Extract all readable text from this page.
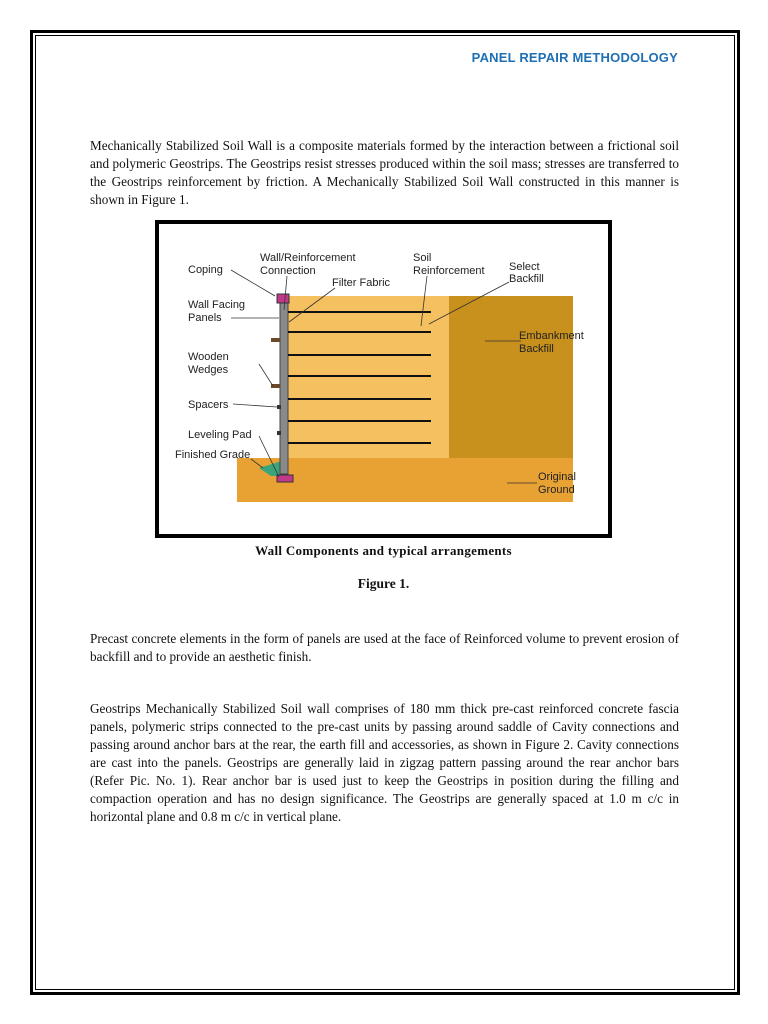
PANEL REPAIR METHODOLOGY

Mechanically Stabilized Soil Wall is a composite materials formed by the interaction between a frictional soil and polymeric Geostrips. The Geostrips resist stresses produced within the soil mass; stresses are transferred to the Geostrips reinforcement by friction. A Mechanically Stabilized Soil Wall constructed in this manner is shown in Figure 1.

Coping
Wall/Reinforcement
Connection
Soil
Reinforcement Select
Backfill
Filter Fabric
Wall Facing
Panels
Embankment
Backfill
Wooden
Wedges
Spacers
Leveling Pad
Finished Grade
Original
Ground
Wall Components and typical arrangements
Figure 1.

Precast concrete elements in the form of panels are used at the face of Reinforced volume to prevent erosion of backfill and to provide an aesthetic finish.

Geostrips Mechanically Stabilized Soil wall comprises of 180 mm thick pre-cast reinforced concrete fascia panels, polymeric strips connected to the pre-cast units by passing around saddle of Cavity connections and passing around anchor bars at the rear, the earth fill and accessories, as shown in Figure 2. Cavity connections are cast into the panels. Geostrips are generally laid in zigzag pattern passing around the rear anchor bars (Refer Pic. No. 1). Rear anchor bar is used just to keep the Geostrips in position during the filling and compaction operation and has no design significance. The Geostrips are generally spaced at 1.0 m c/c in horizontal plane and 0.8 m c/c in vertical plane.
